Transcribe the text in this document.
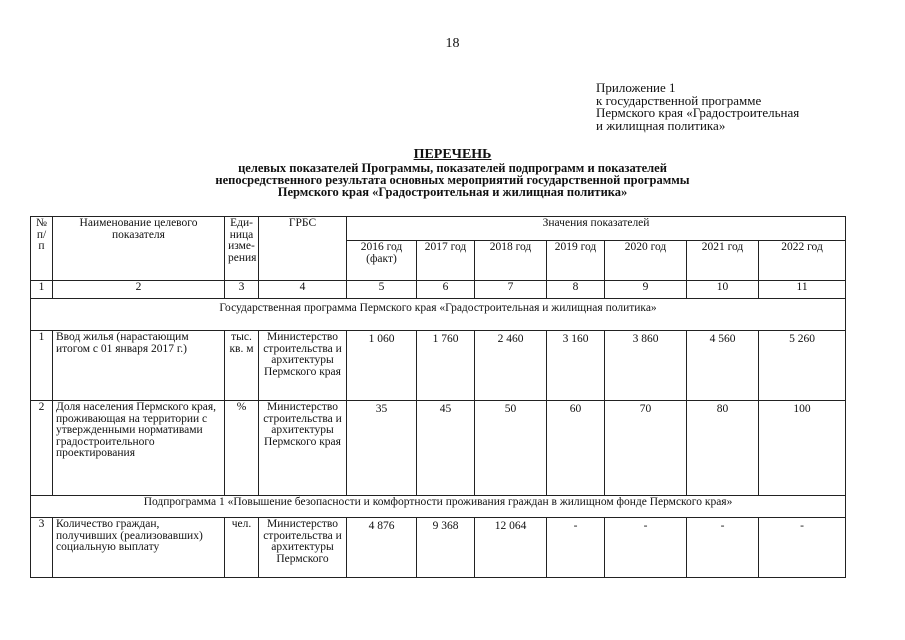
18
Приложение 1
к государственной программе
Пермского края «Градостроительная
и жилищная политика»
ПЕРЕЧЕНЬ
целевых показателей Программы, показателей подпрограмм и показателей
непосредственного результата основных мероприятий государственной программы
Пермского края «Градостроительная и жилищная политика»
№ п/п	Наименование целевого показателя	Еди-ница изме-рения	ГРБС	Значения показателей						
				2016 год (факт)	2017 год	2018 год	2019 год	2020 год	2021 год	2022 год
1	2	3	4	5	6	7	8	9	10	11
Государственная программа Пермского края «Градостроительная и жилищная политика»										
1	Ввод жилья (нарастающим итогом с 01 января 2017 г.)	тыс. кв. м	Министерство строительства и архитектуры Пермского края	1 060	1 760	2 460	3 160	3 860	4 560	5 260
2	Доля населения Пермского края, проживающая на территории с утвержденными нормативами градостроительного проектирования	%	Министерство строительства и архитектуры Пермского края	35	45	50	60	70	80	100
Подпрограмма 1 «Повышение безопасности и комфортности проживания граждан в жилищном фонде Пермского края»										
3	Количество граждан, получивших (реализовавших) социальную выплату	чел.	Министерство строительства и архитектуры Пермского	4 876	9 368	12 064	-	-	-	-
